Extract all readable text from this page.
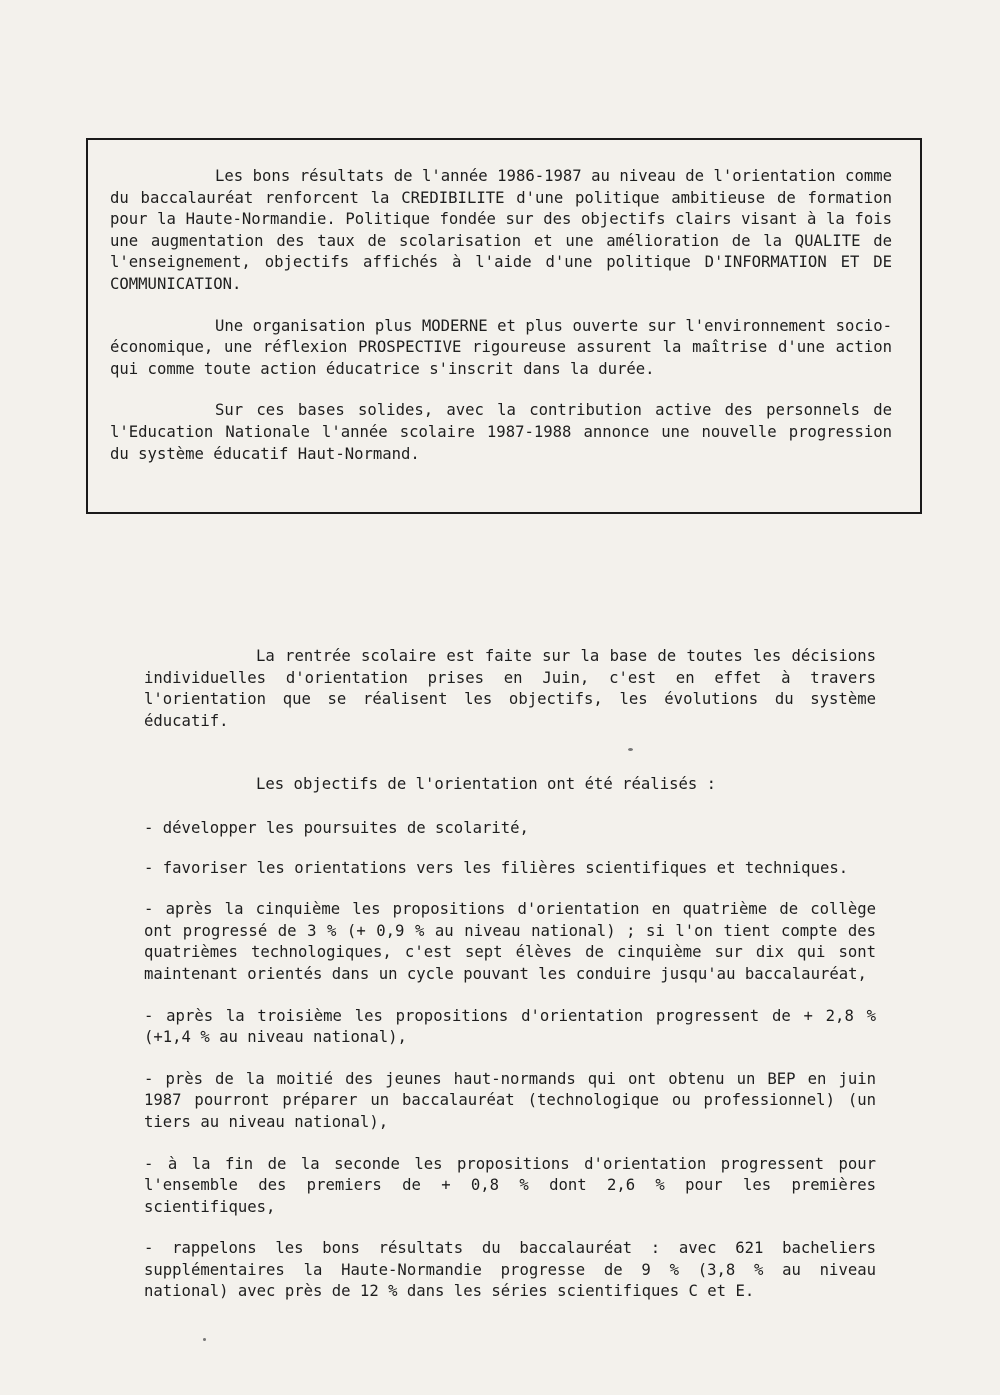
Les bons résultats de l'année 1986-1987 au niveau de l'orientation comme du baccalauréat renforcent la CREDIBILITE d'une politique ambitieuse de formation pour la Haute-Normandie. Politique fondée sur des objectifs clairs visant à la fois une augmentation des taux de scolarisation et une amélioration de la QUALITE de l'enseignement, objectifs affichés à l'aide d'une politique D'INFORMATION ET DE COMMUNICATION.

Une organisation plus MODERNE et plus ouverte sur l'environnement socio-économique, une réflexion PROSPECTIVE rigoureuse assurent la maîtrise d'une action qui comme toute action éducatrice s'inscrit dans la durée.

Sur ces bases solides, avec la contribution active des personnels de l'Education Nationale l'année scolaire 1987-1988 annonce une nouvelle progression du système éducatif Haut-Normand.

La rentrée scolaire est faite sur la base de toutes les décisions individuelles d'orientation prises en Juin, c'est en effet à travers l'orientation que se réalisent les objectifs, les évolutions du système éducatif.

Les objectifs de l'orientation ont été réalisés :

- développer les poursuites de scolarité,

- favoriser les orientations vers les filières scientifiques et techniques.

- après la cinquième les propositions d'orientation en quatrième de collège ont progressé de 3 % (+ 0,9 % au niveau national) ; si l'on tient compte des quatrièmes technologiques, c'est sept élèves de cinquième sur dix qui sont maintenant orientés dans un cycle pouvant les conduire jusqu'au baccalauréat,

- après la troisième les propositions d'orientation progressent de + 2,8 % (+1,4 % au niveau national),

- près de la moitié des jeunes haut-normands qui ont obtenu un BEP en juin 1987 pourront préparer un baccalauréat (technologique ou professionnel) (un tiers au niveau national),

- à la fin de la seconde les propositions d'orientation progressent pour l'ensemble des premiers de + 0,8 % dont 2,6 % pour les premières scientifiques,

- rappelons les bons résultats du baccalauréat : avec 621 bacheliers supplémentaires la Haute-Normandie progresse de 9 % (3,8 % au niveau national) avec près de 12 % dans les séries scientifiques C et E.
